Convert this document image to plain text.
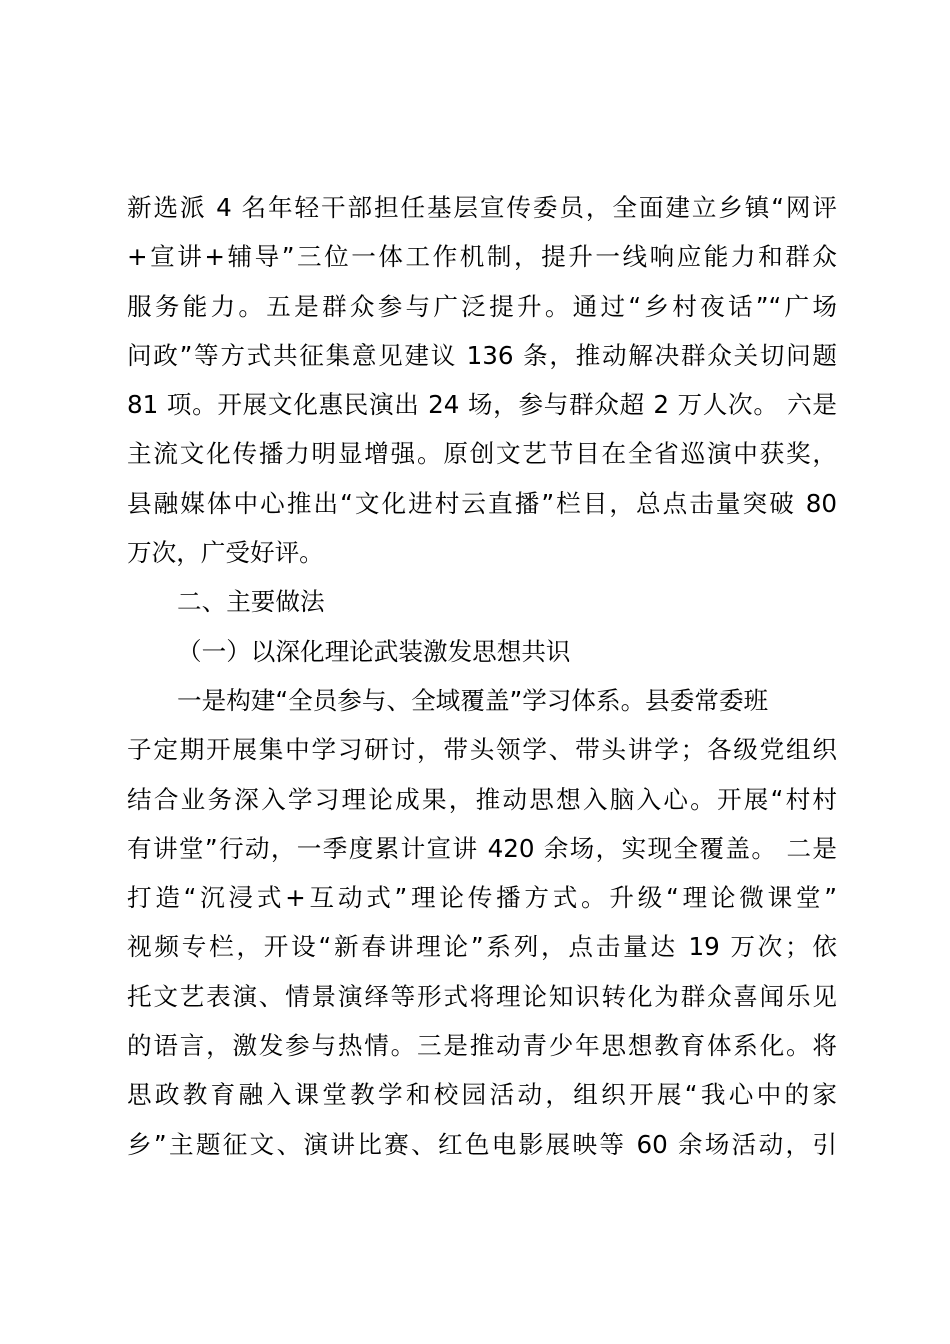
新选派 4 名年轻干部担任基层宣传委员，全面建立乡镇“网评
+宣讲+辅导”三位一体工作机制，提升一线响应能力和群众
服务能力。五是群众参与广泛提升。通过“乡村夜话”“广场
问政”等方式共征集意见建议 136 条，推动解决群众关切问题
81 项。开展文化惠民演出 24 场，参与群众超 2 万人次。 六是
主流文化传播力明显增强。原创文艺节目在全省巡演中获奖，
县融媒体中心推出“文化进村云直播”栏目，总点击量突破 80
万次，广受好评。
二、主要做法
（一）以深化理论武装激发思想共识
一是构建“全员参与、全域覆盖”学习体系。县委常委班
子定期开展集中学习研讨，带头领学、带头讲学；各级党组织
结合业务深入学习理论成果，推动思想入脑入心。开展“村村
有讲堂”行动，一季度累计宣讲 420 余场，实现全覆盖。 二是
打造“沉浸式+互动式”理论传播方式。升级“理论微课堂”
视频专栏，开设“新春讲理论”系列，点击量达 19 万次；依
托文艺表演、情景演绎等形式将理论知识转化为群众喜闻乐见
的语言，激发参与热情。三是推动青少年思想教育体系化。将
思政教育融入课堂教学和校园活动，组织开展“我心中的家
乡”主题征文、演讲比赛、红色电影展映等 60 余场活动，引
